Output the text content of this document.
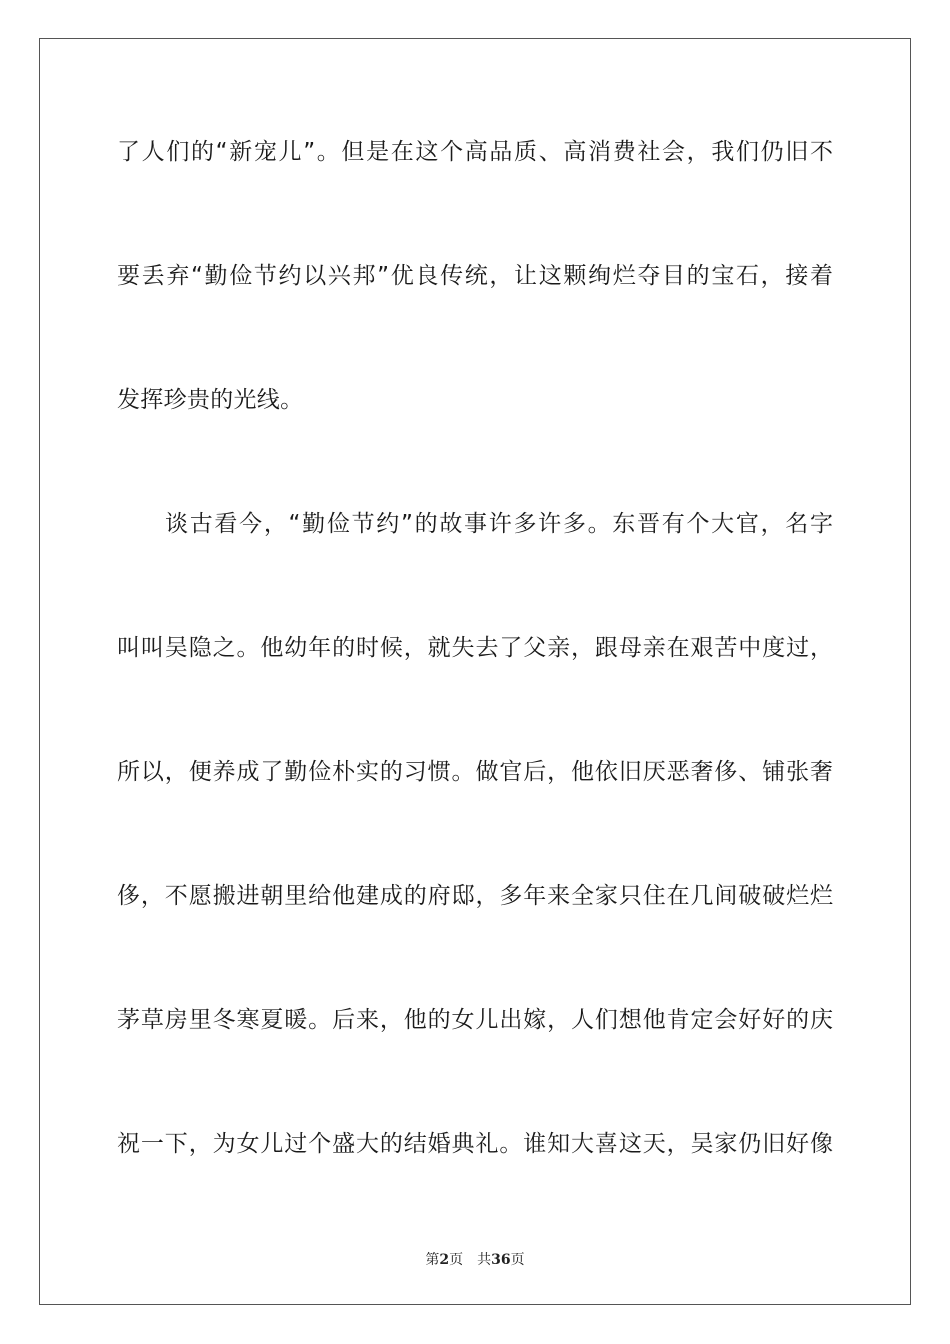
了人们的“新宠儿”。但是在这个高品质、高消费社会，我们仍旧不
要丢弃“勤俭节约以兴邦”优良传统，让这颗绚烂夺目的宝石，接着
发挥珍贵的光线。
谈古看今，“勤俭节约”的故事许多许多。东晋有个大官，名字
叫叫吴隐之。他幼年的时候，就失去了父亲，跟母亲在艰苦中度过，
所以，便养成了勤俭朴实的习惯。做官后，他依旧厌恶奢侈、铺张奢
侈，不愿搬进朝里给他建成的府邸，多年来全家只住在几间破破烂烂
茅草房里冬寒夏暖。后来，他的女儿出嫁，人们想他肯定会好好的庆
祝一下，为女儿过个盛大的结婚典礼。谁知大喜这天，吴家仍旧好像
第2页 共36页
